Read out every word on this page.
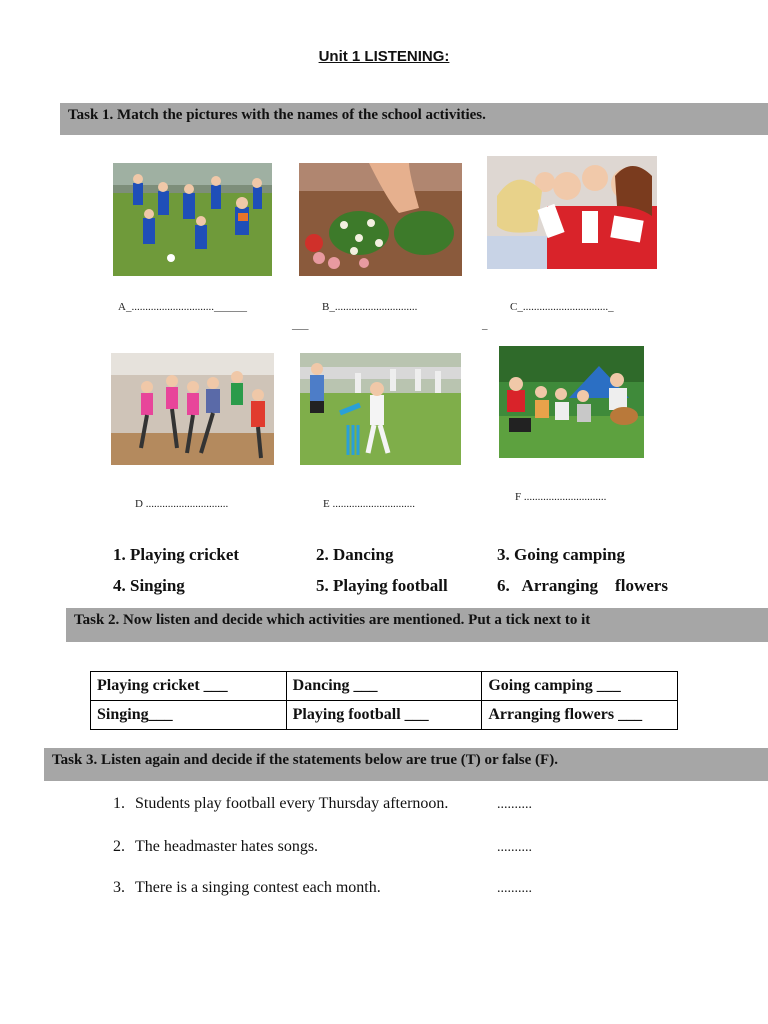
Unit 1 LISTENING:
Task 1. Match the pictures with the names of the school activities.
A_..............................______
___
B_..............................	C_..............................._
_
D ..............................	E ..............................
F ..............................
1. Playing cricket	2. Dancing	3. Going camping
4. Singing	5. Playing football	6.   Arranging    flowers
Task 2. Now listen and decide which activities are mentioned. Put a tick next to it
Playing cricket ___	Dancing ___	Going camping ___
Singing___	Playing football ___	Arranging flowers ___
Task 3. Listen again and decide if the statements below are true (T) or false (F).
1. Students play football every Thursday afternoon.	..........
2. The headmaster hates songs.	..........
3. There is a singing contest each month.	..........
